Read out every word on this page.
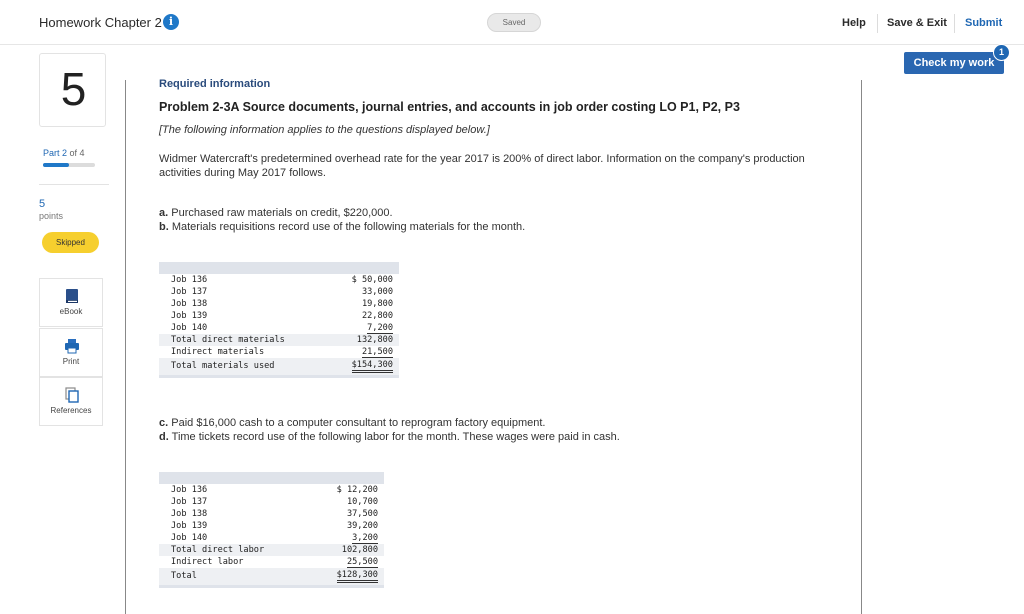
Homework Chapter 2 i	Saved	Help Save & Exit Submit
Check my work
1
5
Part 2 of 4
5
points
Skipped
eBook
Print
References
Required information
Problem 2-3A Source documents, journal entries, and accounts in job order costing LO P1, P2, P3
[The following information applies to the questions displayed below.]
Widmer Watercraft's predetermined overhead rate for the year 2017 is 200% of direct labor. Information on the company's production activities during May 2017 follows.
a. Purchased raw materials on credit, $220,000.
b. Materials requisitions record use of the following materials for the month.
Job 136	$ 50,000
Job 137	33,000
Job 138	19,800
Job 139	22,800
Job 140	7,200
Total direct materials	132,800
Indirect materials	21,500
Total materials used	$154,300
c. Paid $16,000 cash to a computer consultant to reprogram factory equipment.
d. Time tickets record use of the following labor for the month. These wages were paid in cash.
Job 136	$ 12,200
Job 137	10,700
Job 138	37,500
Job 139	39,200
Job 140	3,200
Total direct labor	102,800
Indirect labor	25,500
Total	$128,300
